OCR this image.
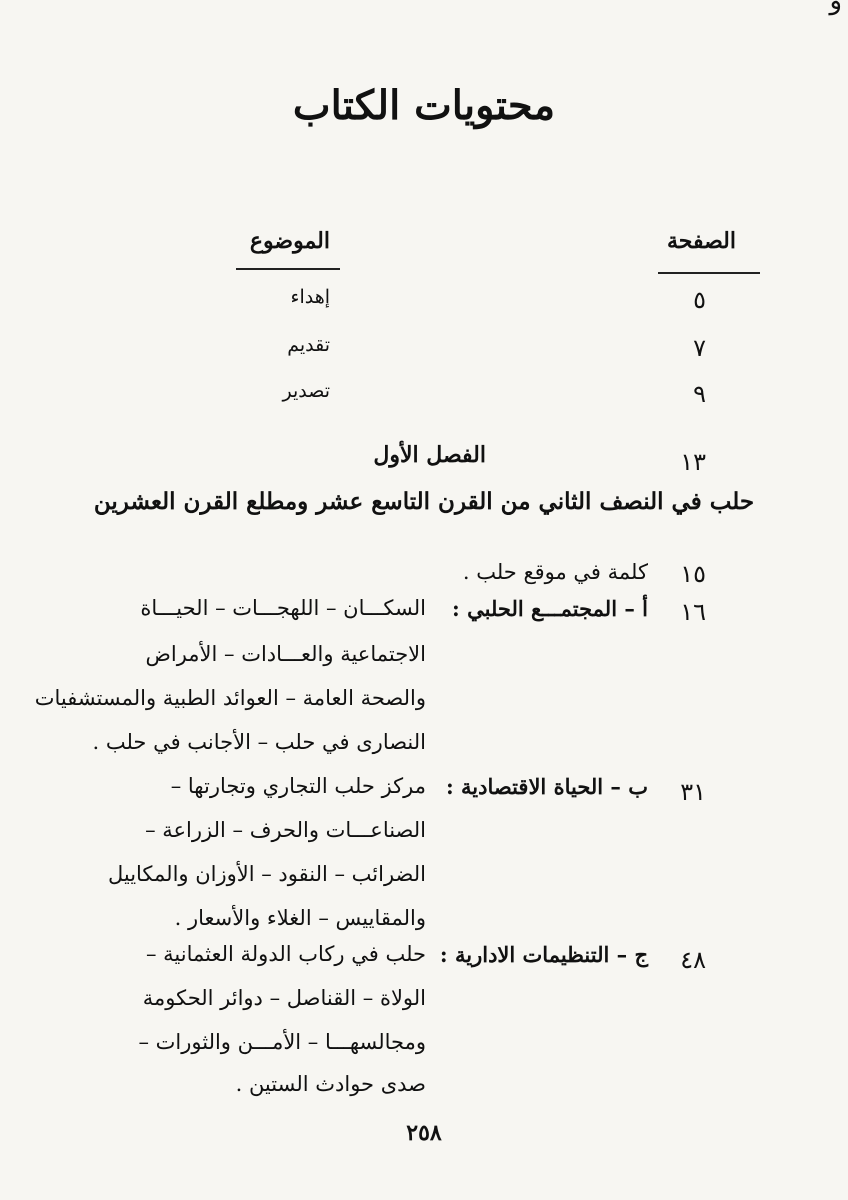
و
محتويات الكتاب
الصفحة
الموضوع
٥
إهداء
٧
تقديم
٩
تصدير
١٣
الفصل الأول
حلب في النصف الثاني من القرن التاسع عشر ومطلع القرن العشرين
١٥
كلمة في موقع حلب .
١٦
أ – المجتمـــع الحلبي :
السكـــان – اللهجـــات – الحيـــاة
الاجتماعية والعـــادات – الأمراض
والصحة العامة – العوائد الطبية والمستشفيات
النصارى في حلب – الأجانب في حلب .
٣١
ب – الحياة الاقتصادية :
مركز حلب التجاري وتجارتها –
الصناعـــات والحرف – الزراعة –
الضرائب – النقود – الأوزان والمكاييل
والمقاييس – الغلاء والأسعار .
٤٨
ج – التنظيمات الادارية :
حلب في ركاب الدولة العثمانية –
الولاة – القناصل – دوائر الحكومة
ومجالسهـــا – الأمـــن والثورات –
صدى حوادث الستين .
٢٥٨
